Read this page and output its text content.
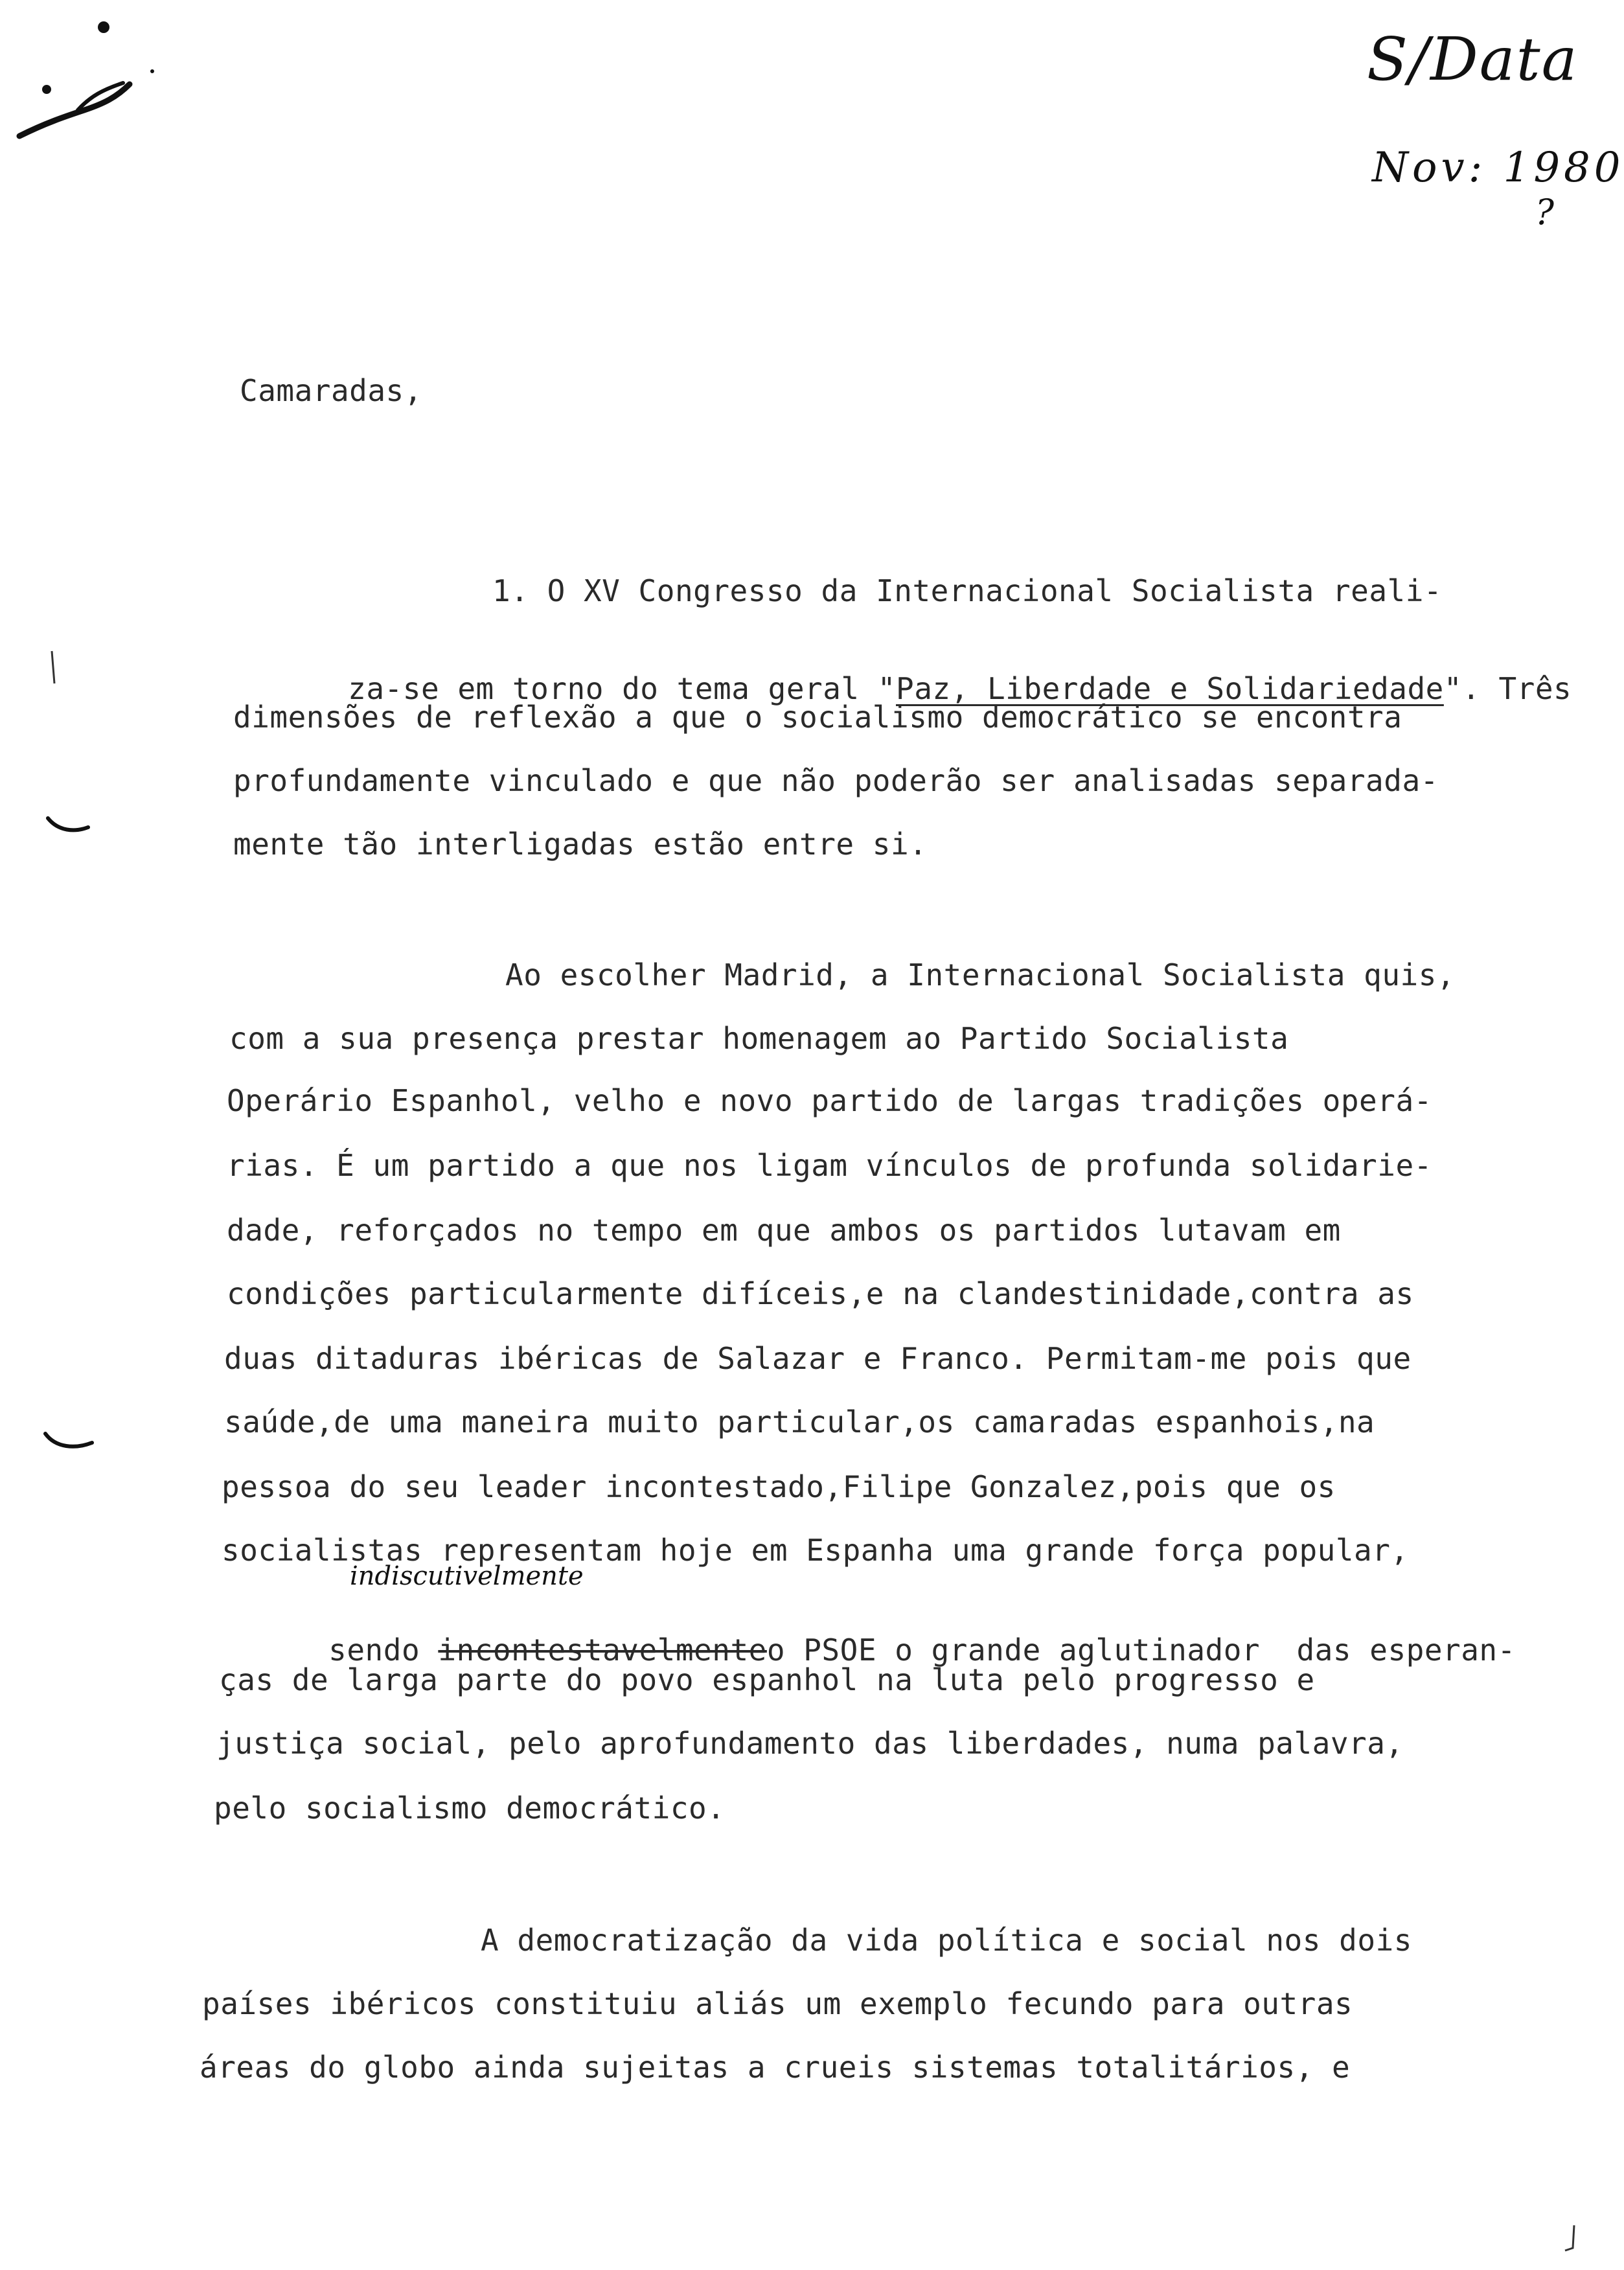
S/Data
Nov: 1980
?
Camaradas,
1. O XV Congresso da Internacional Socialista reali-

za-se em torno do tema geral "Paz, Liberdade e Solidariedade". Três

dimensões de reflexão a que o socialismo democrático se encontra
profundamente vinculado e que não poderão ser analisadas separada-
mente tão interligadas estão entre si.
Ao escolher Madrid, a Internacional Socialista quis,
com a sua presença prestar homenagem ao Partido Socialista
Operário Espanhol, velho e novo partido de largas tradições operá-
rias. É um partido a que nos ligam vínculos de profunda solidarie-
dade, reforçados no tempo em que ambos os partidos lutavam em
condições particularmente difíceis,e na clandestinidade,contra as
duas ditaduras ibéricas de Salazar e Franco. Permitam-me pois que
saúde,de uma maneira muito particular,os camaradas espanhois,na
pessoa do seu leader incontestado,Filipe Gonzalez,pois que os
socialistas representam hoje em Espanha uma grande força popular,
indiscutivelmente

sendo incontestavelmenteo PSOE o grande aglutinador  das esperan-

ças de larga parte do povo espanhol na luta pelo progresso e
justiça social, pelo aprofundamento das liberdades, numa palavra,
pelo socialismo democrático.
A democratização da vida política e social nos dois
países ibéricos constituiu aliás um exemplo fecundo para outras
áreas do globo ainda sujeitas a crueis sistemas totalitários, e
